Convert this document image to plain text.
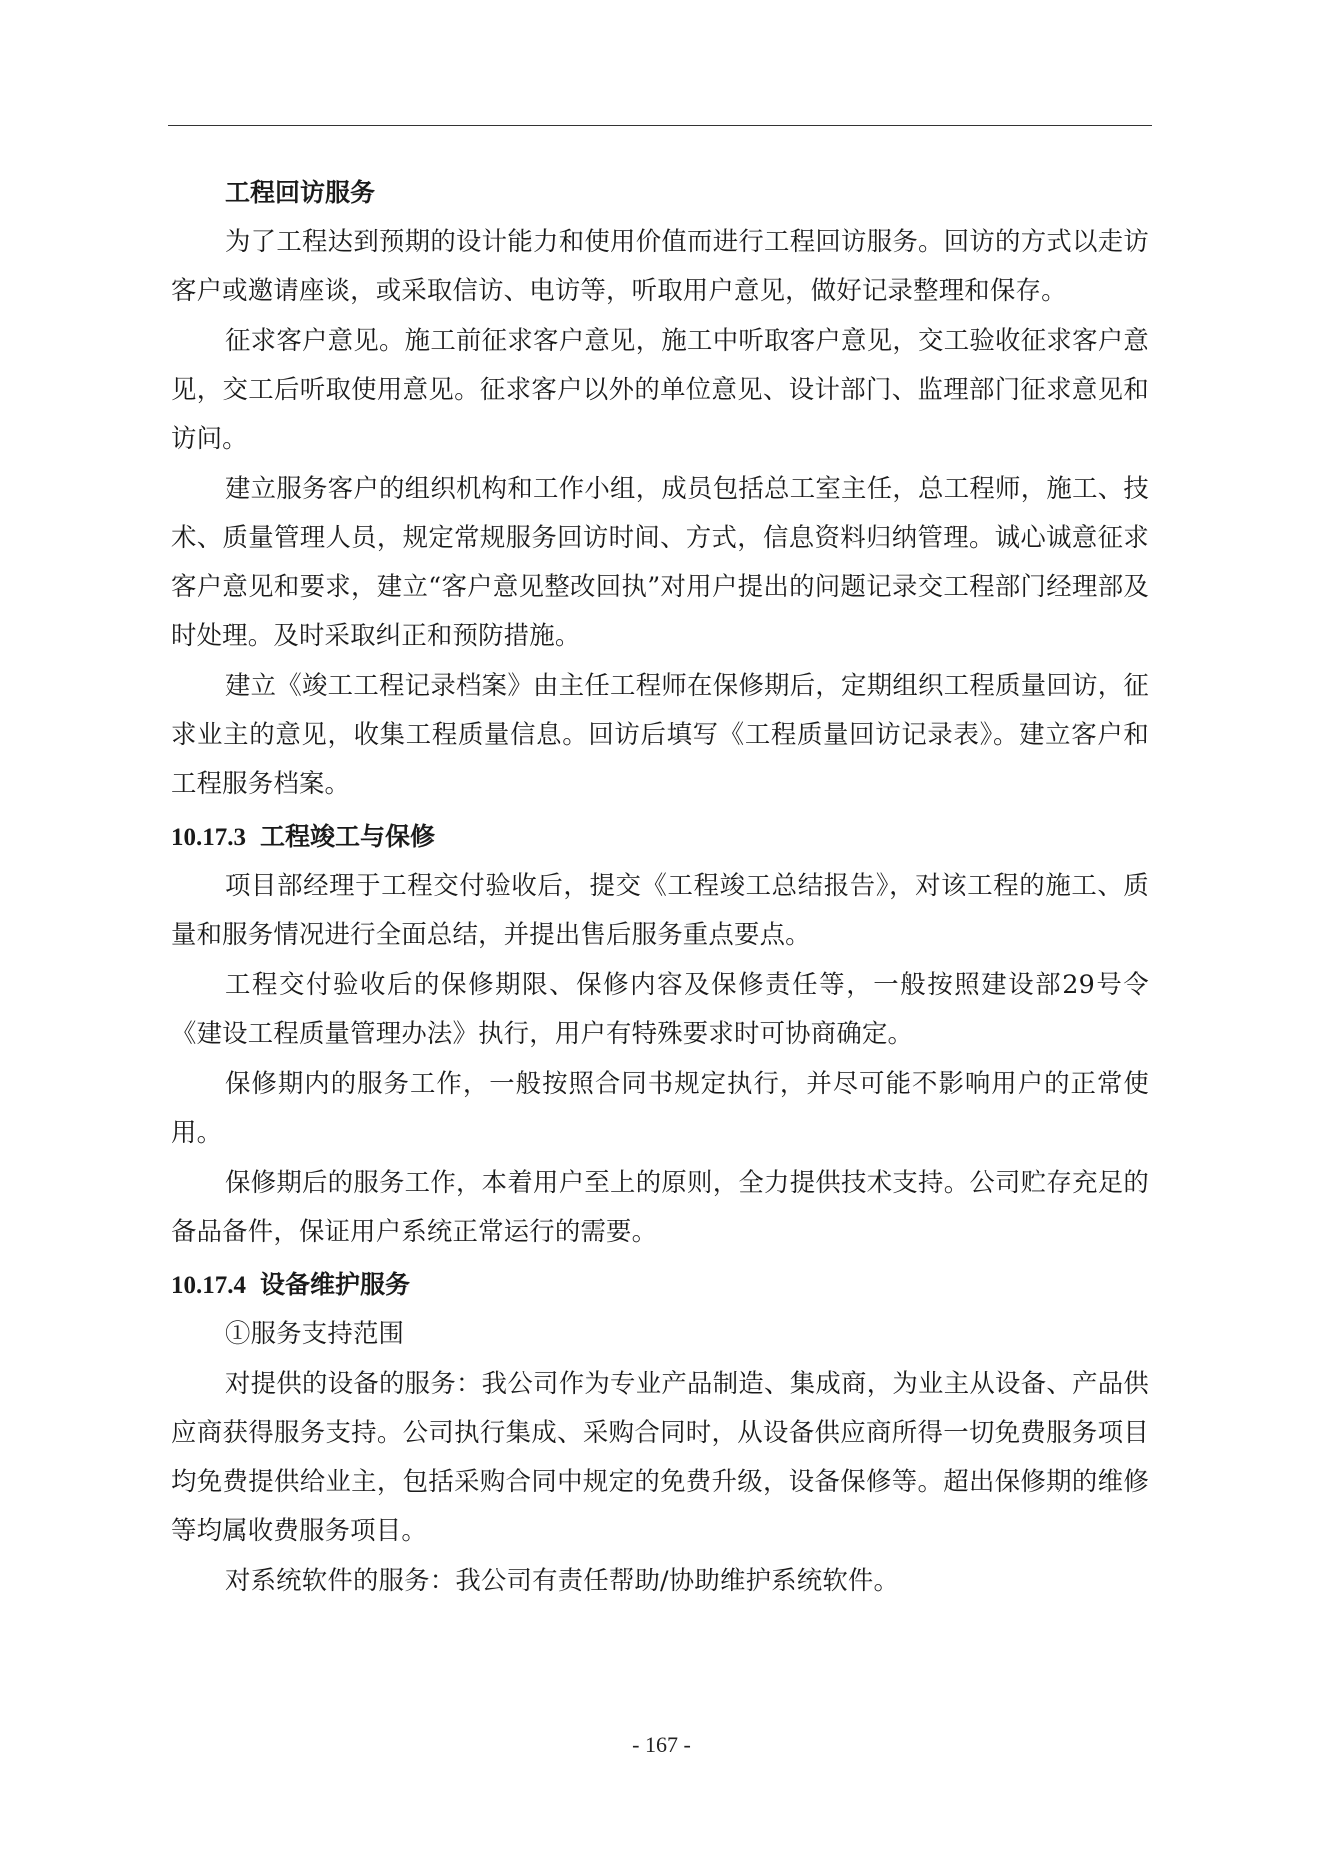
工程回访服务

为了工程达到预期的设计能力和使用价值而进行工程回访服务。回访的方式以走访客户或邀请座谈，或采取信访、电访等，听取用户意见，做好记录整理和保存。

征求客户意见。施工前征求客户意见，施工中听取客户意见，交工验收征求客户意见，交工后听取使用意见。征求客户以外的单位意见、设计部门、监理部门征求意见和访问。

建立服务客户的组织机构和工作小组，成员包括总工室主任，总工程师，施工、技术、质量管理人员，规定常规服务回访时间、方式，信息资料归纳管理。诚心诚意征求客户意见和要求，建立“客户意见整改回执”对用户提出的问题记录交工程部门经理部及时处理。及时采取纠正和预防措施。

建立《竣工工程记录档案》由主任工程师在保修期后，定期组织工程质量回访，征求业主的意见，收集工程质量信息。回访后填写《工程质量回访记录表》。建立客户和工程服务档案。

10.17.3 工程竣工与保修

项目部经理于工程交付验收后，提交《工程竣工总结报告》，对该工程的施工、质量和服务情况进行全面总结，并提出售后服务重点要点。

工程交付验收后的保修期限、保修内容及保修责任等，一般按照建设部29号令《建设工程质量管理办法》执行，用户有特殊要求时可协商确定。

保修期内的服务工作，一般按照合同书规定执行，并尽可能不影响用户的正常使用。

保修期后的服务工作，本着用户至上的原则，全力提供技术支持。公司贮存充足的备品备件，保证用户系统正常运行的需要。

10.17.4 设备维护服务

①服务支持范围

对提供的设备的服务：我公司作为专业产品制造、集成商，为业主从设备、产品供应商获得服务支持。公司执行集成、采购合同时，从设备供应商所得一切免费服务项目均免费提供给业主，包括采购合同中规定的免费升级，设备保修等。超出保修期的维修等均属收费服务项目。

对系统软件的服务：我公司有责任帮助/协助维护系统软件。

- 167 -
